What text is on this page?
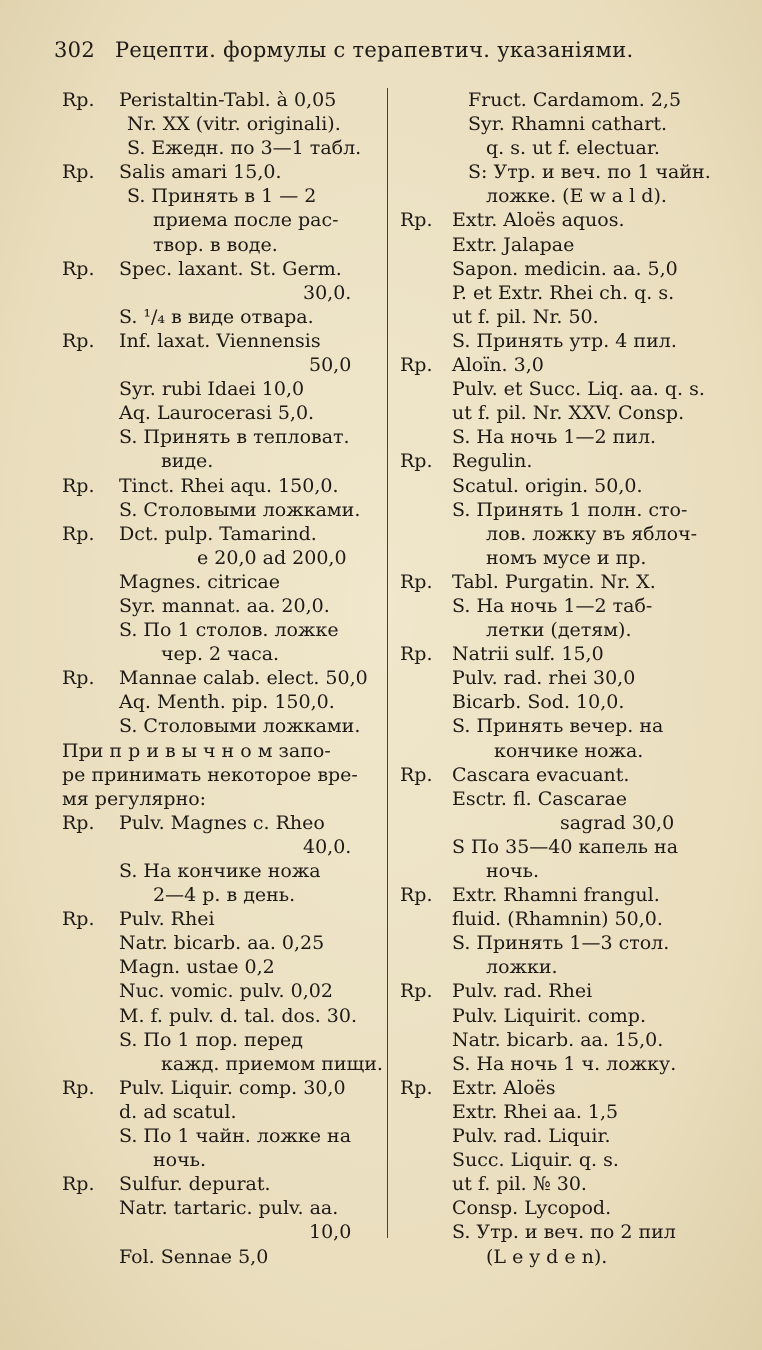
302 Рецепти. формулы с терапевтич. указаніями.
Rp.	Peristaltin-Tabl. à 0,05
Nr. XX (vitr. originali).
S. Ежедн. по 3—1 табл.
Rp.	Salis amari 15,0.
S. Принять в 1 — 2
приема после рас-
твор. в воде.
Rp.	Spec. laxant. St. Germ.
30,0.
S. ¹/₄ в виде отвара.
Rp.	Inf. laxat. Viennensis
50,0
Syr. rubi Idaei 10,0
Aq. Laurocerasi 5,0.
S. Принять в тепловат.
виде.
Rp.	Tinct. Rhei aqu. 150,0.
S. Столовыми ложками.
Rp.	Dct. pulp. Tamarind.
e 20,0 ad 200,0
Magnes. citricae
Syr. mannat. aa. 20,0.
S. По 1 столов. ложке
чер. 2 часа.
Rp.	Mannae calab. elect. 50,0
Aq. Menth. pip. 150,0.
S. Столовыми ложками.
При п р и в ы ч н о м запо-
ре принимать некоторое вре-
мя регулярно:
Rp.	Pulv. Magnes c. Rheo
40,0.
S. На кончике ножа
2—4 р. в день.
Rp.	Pulv. Rhei
Natr. bicarb. aa. 0,25
Magn. ustae 0,2
Nuc. vomic. pulv. 0,02
M. f. pulv. d. tal. dos. 30.
S. По 1 пор. перед
кажд. приемом пищи.
Rp.	Pulv. Liquir. comp. 30,0
d. ad scatul.
S. По 1 чайн. ложке на
ночь.
Rp.	Sulfur. depurat.
Natr. tartaric. pulv. aa.
10,0
Fol. Sennae 5,0
Fruct. Cardamom. 2,5
Syr. Rhamni cathart.
q. s. ut f. electuar.
S: Утр. и веч. по 1 чайн.
ложке. (E w a l d).
Rp.	Extr. Aloës aquos.
Extr. Jalapae
Sapon. medicin. aa. 5,0
P. et Extr. Rhei ch. q. s.
ut f. pil. Nr. 50.
S. Принять утр. 4 пил.
Rp.	Aloïn. 3,0
Pulv. et Succ. Liq. aa. q. s.
ut f. pil. Nr. XXV. Consp.
S. На ночь 1—2 пил.
Rp.	Regulin.
Scatul. origin. 50,0.
S. Принять 1 полн. сто-
лов. ложку въ яблоч-
номъ мусе и пр.
Rp.	Tabl. Purgatin. Nr. X.
S. На ночь 1—2 таб-
летки (детям).
Rp.	Natrii sulf. 15,0
Pulv. rad. rhei 30,0
Bicarb. Sod. 10,0.
S. Принять вечер. на
кончике ножа.
Rp.	Cascara evacuant.
Esctr. fl. Cascarae
sagrad 30,0
S По 35—40 капель на
ночь.
Rp.	Extr. Rhamni frangul.
fluid. (Rhamnin) 50,0.
S. Принять 1—3 стол.
ложки.
Rp.	Pulv. rad. Rhei
Pulv. Liquirit. comp.
Natr. bicarb. aa. 15,0.
S. На ночь 1 ч. ложку.
Rp.	Extr. Aloës
Extr. Rhei aa. 1,5
Pulv. rad. Liquir.
Succ. Liquir. q. s.
ut f. pil. № 30.
Consp. Lycopod.
S. Утр. и веч. по 2 пил
(L e y d e n).
